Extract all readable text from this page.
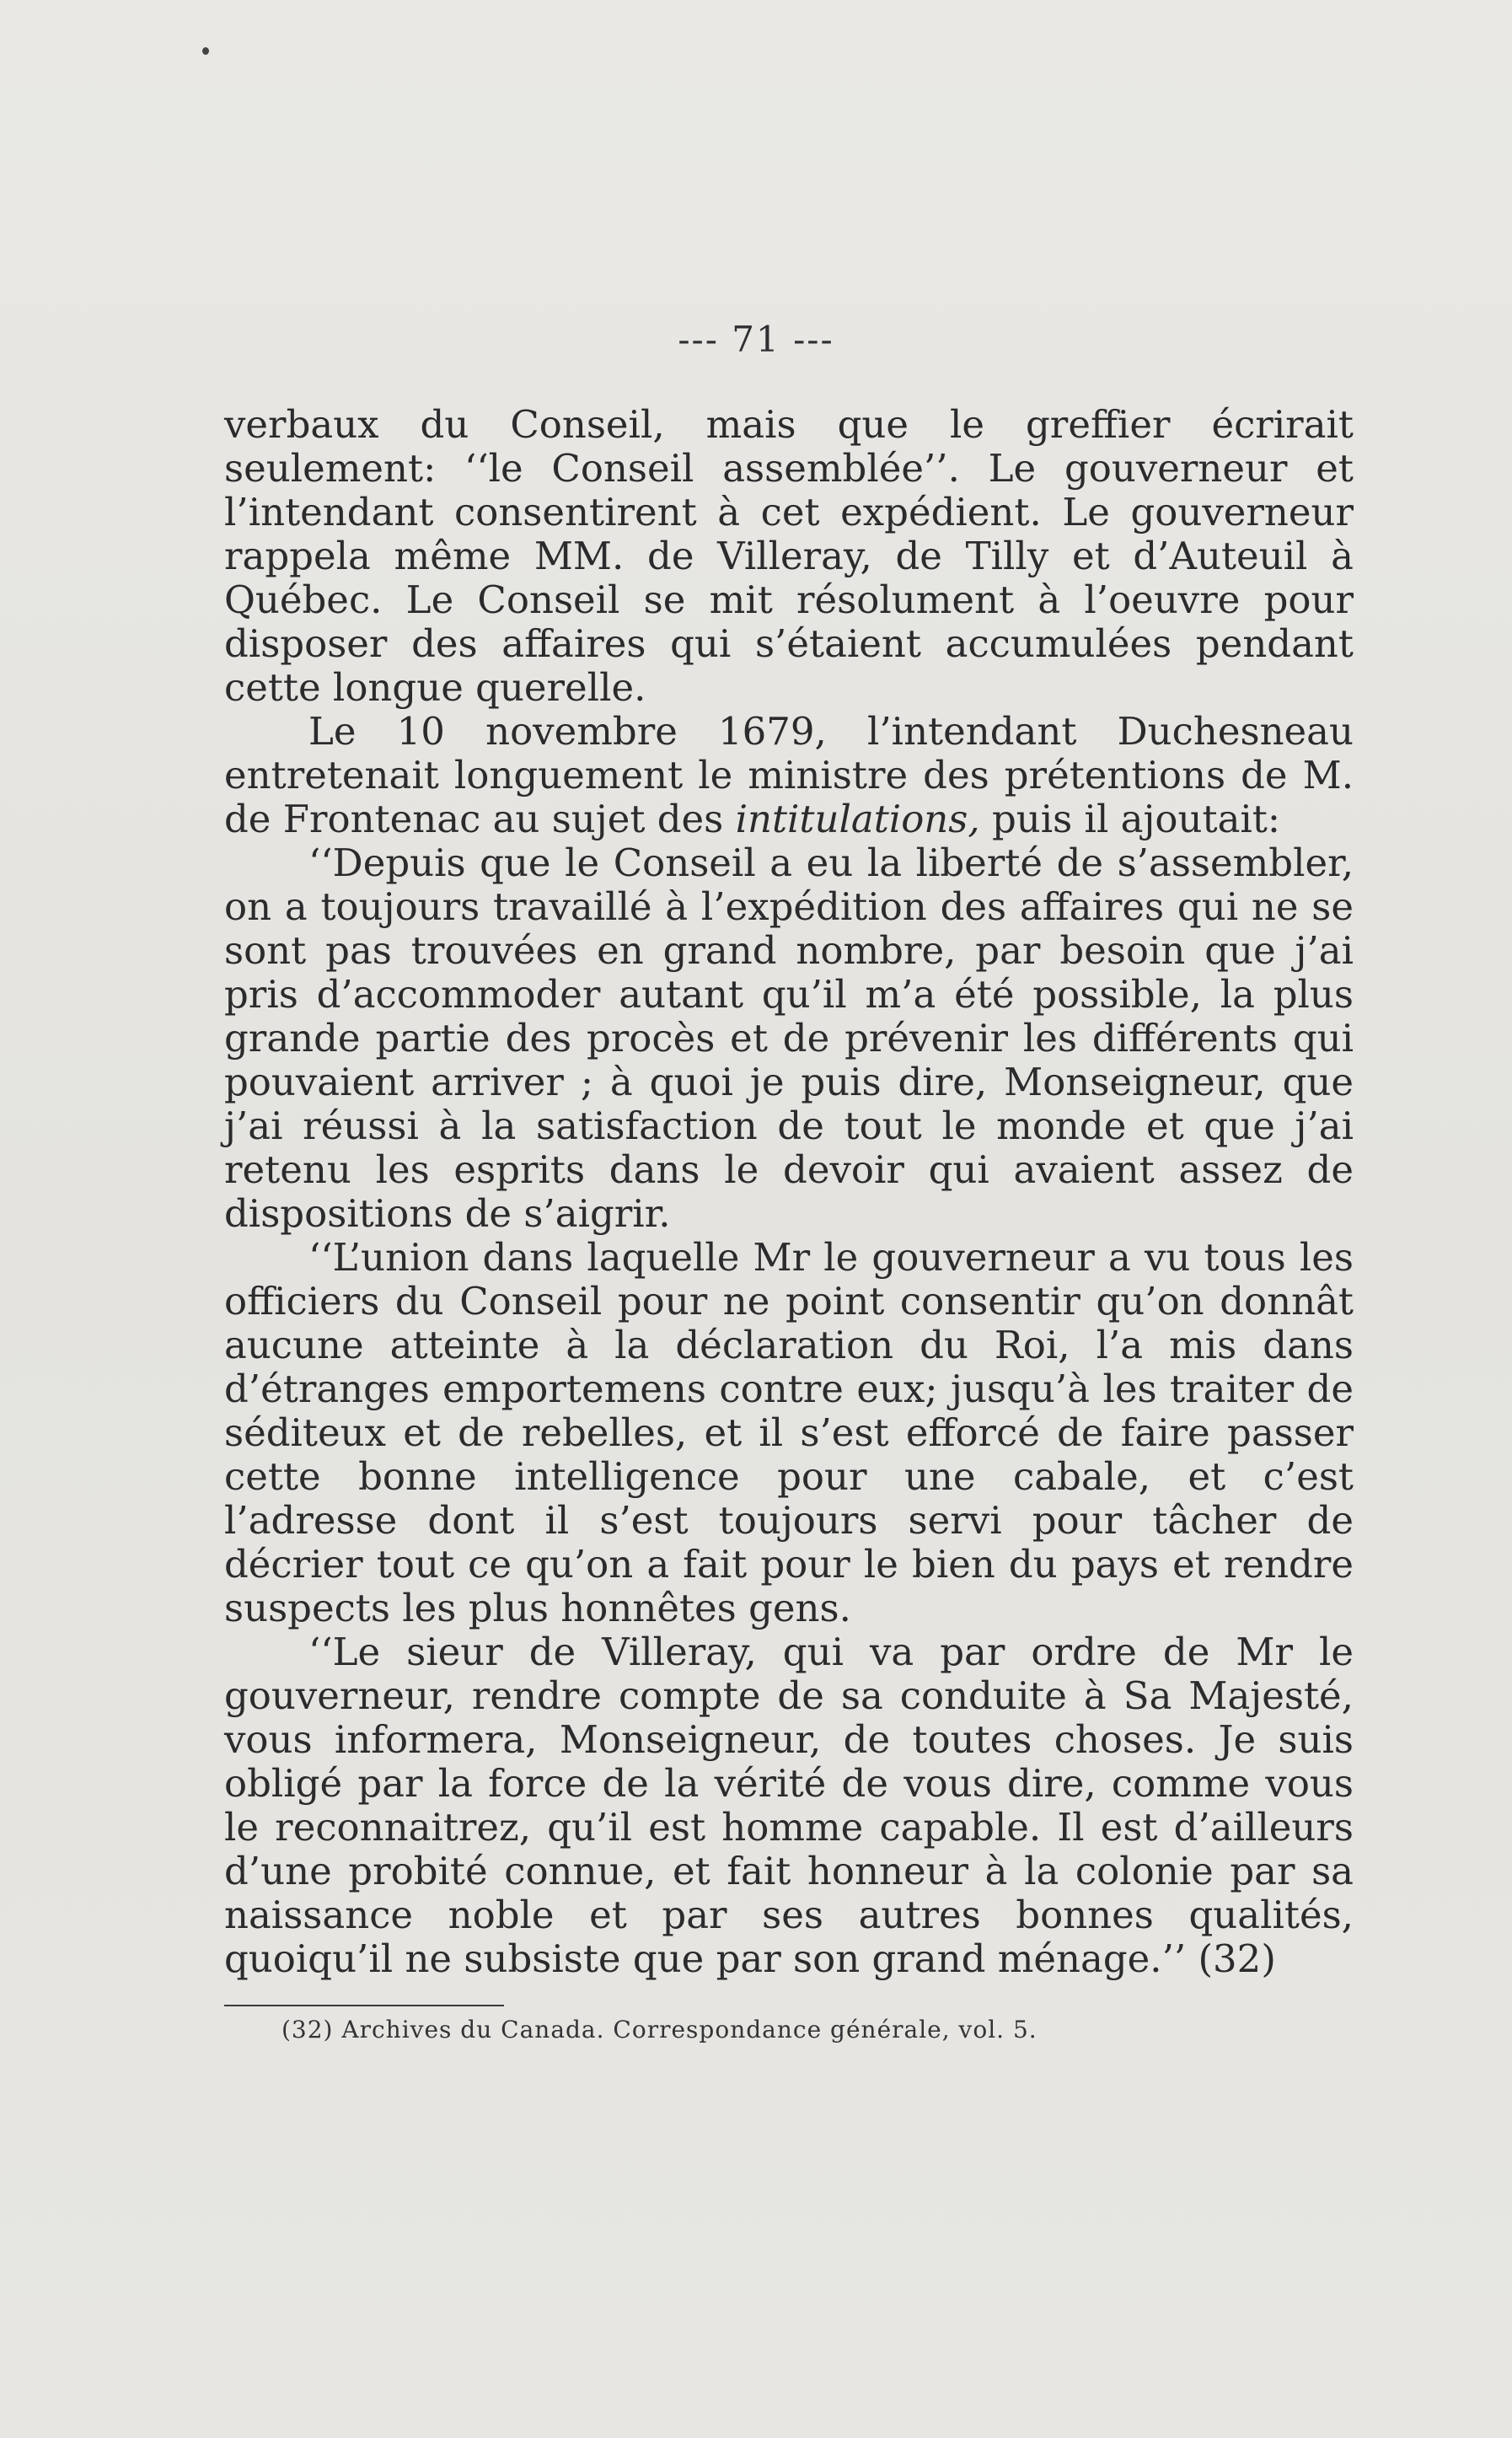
--- 71 ---

verbaux du Conseil, mais que le greffier écrirait seulement: ‘‘le Conseil assemblée’’. Le gouverneur et l’intendant consentirent à cet expédient. Le gouverneur rappela même MM. de Villeray, de Tilly et d’Auteuil à Québec. Le Conseil se mit résolument à l’oeuvre pour disposer des affaires qui s’étaient accumulées pendant cette longue querelle.

Le 10 novembre 1679, l’intendant Duchesneau entretenait longuement le ministre des prétentions de M. de Frontenac au sujet des intitulations, puis il ajoutait:

‘‘Depuis que le Conseil a eu la liberté de s’assembler, on a toujours travaillé à l’expédition des affaires qui ne se sont pas trouvées en grand nombre, par besoin que j’ai pris d’accommoder autant qu’il m’a été possible, la plus grande partie des procès et de prévenir les différents qui pouvaient arriver ; à quoi je puis dire, Monseigneur, que j’ai réussi à la satisfaction de tout le monde et que j’ai retenu les esprits dans le devoir qui avaient assez de dispositions de s’aigrir.

‘‘L’union dans laquelle Mr le gouverneur a vu tous les officiers du Conseil pour ne point consentir qu’on donnât aucune atteinte à la déclaration du Roi, l’a mis dans d’étranges emportemens contre eux; jusqu’à les traiter de séditeux et de rebelles, et il s’est efforcé de faire passer cette bonne intelligence pour une cabale, et c’est l’adresse dont il s’est toujours servi pour tâcher de décrier tout ce qu’on a fait pour le bien du pays et rendre suspects les plus honnêtes gens.

‘‘Le sieur de Villeray, qui va par ordre de Mr le gouverneur, rendre compte de sa conduite à Sa Majesté, vous informera, Monseigneur, de toutes choses. Je suis obligé par la force de la vérité de vous dire, comme vous le reconnaitrez, qu’il est homme capable. Il est d’ailleurs d’une probité connue, et fait honneur à la colonie par sa naissance noble et par ses autres bonnes qualités, quoiqu’il ne subsiste que par son grand ménage.’’ (32)

(32) Archives du Canada. Correspondance générale, vol. 5.
